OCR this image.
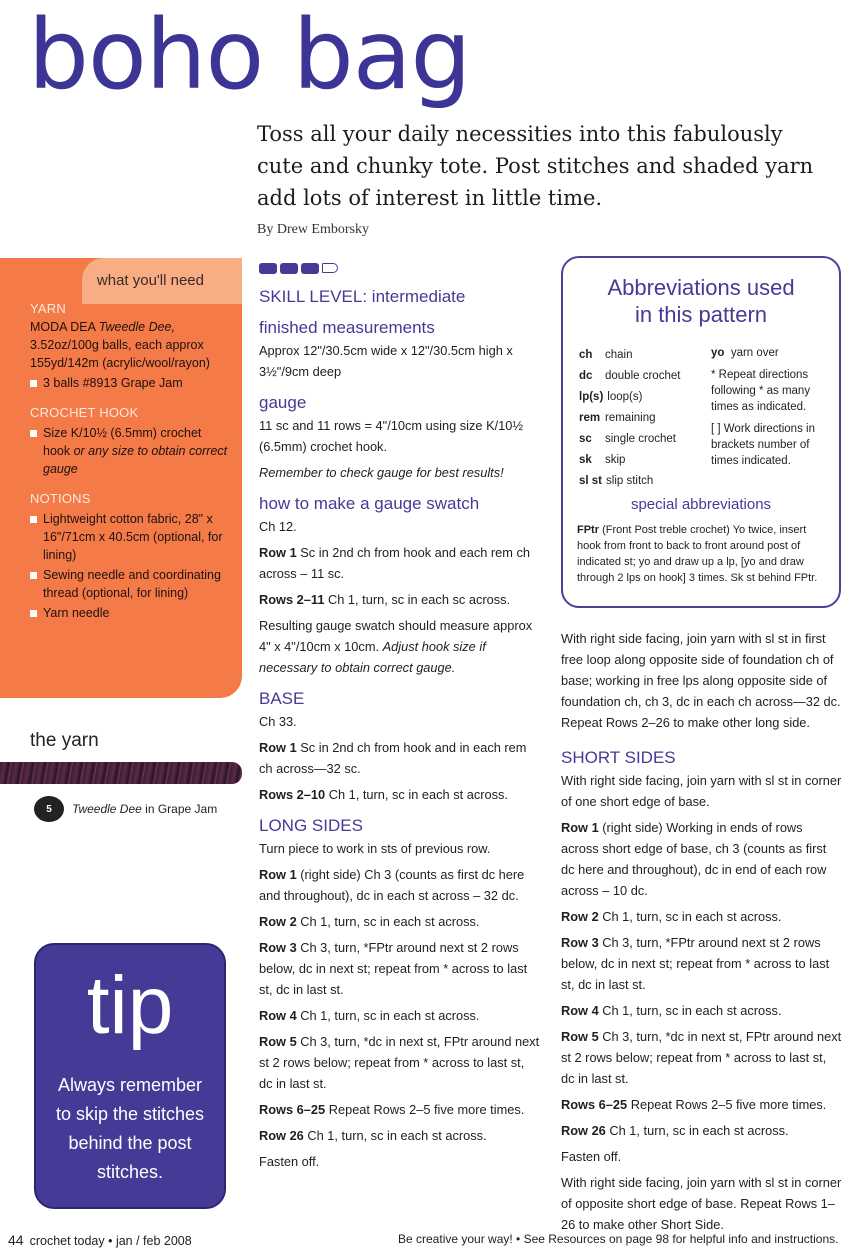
boho bag
Toss all your daily necessities into this fabulously cute and chunky tote. Post stitches and shaded yarn add lots of interest in little time.
By Drew Emborsky
what you'll need
YARN
MODA DEA Tweedle Dee, 3.52oz/100g balls, each approx 155yd/142m (acrylic/wool/rayon)
3 balls #8913 Grape Jam
CROCHET HOOK
Size K/10½ (6.5mm) crochet hook or any size to obtain correct gauge
NOTIONS
Lightweight cotton fabric, 28" x 16"/71cm x 40.5cm (optional, for lining)
Sewing needle and coordinating thread (optional, for lining)
Yarn needle
the yarn
5	Tweedle Dee in Grape Jam
tip
Always remember to skip the stitches behind the post stitches.
SKILL LEVEL: intermediate
finished measurements

Approx 12"/30.5cm wide x 12"/30.5cm high x 3½"/9cm deep

gauge

11 sc and 11 rows = 4"/10cm using size K/10½ (6.5mm) crochet hook.

Remember to check gauge for best results!

how to make a gauge swatch

Ch 12.

Row 1 Sc in 2nd ch from hook and each rem ch across – 11 sc.

Rows 2–11 Ch 1, turn, sc in each sc across.

Resulting gauge swatch should measure approx 4" x 4"/10cm x 10cm. Adjust hook size if necessary to obtain correct gauge.

BASE

Ch 33.

Row 1 Sc in 2nd ch from hook and in each rem ch across—32 sc.

Rows 2–10 Ch 1, turn, sc in each st across.

LONG SIDES

Turn piece to work in sts of previous row.

Row 1 (right side) Ch 3 (counts as first dc here and throughout), dc in each st across – 32 dc.

Row 2 Ch 1, turn, sc in each st across.

Row 3 Ch 3, turn, *FPtr around next st 2 rows below, dc in next st; repeat from * across to last st, dc in last st.

Row 4 Ch 1, turn, sc in each st across.

Row 5 Ch 3, turn, *dc in next st, FPtr around next st 2 rows below; repeat from * across to last st, dc in last st.

Rows 6–25 Repeat Rows 2–5 five more times.

Row 26 Ch 1, turn, sc in each st across.

Fasten off.

Abbreviations used
in this pattern
ch chain
dc double crochet
lp(s) loop(s)
rem remaining
sc single crochet
sk skip
sl st slip stitch

yo yarn over

* Repeat directions following * as many times as indicated.

[ ] Work directions in brackets number of times indicated.

special abbreviations
FPtr (Front Post treble crochet) Yo twice, insert hook from front to back to front around post of indicated st; yo and draw up a lp, [yo and draw through 2 lps on hook] 3 times. Sk st behind FPtr.

With right side facing, join yarn with sl st in first free loop along opposite side of foundation ch of base; working in free lps along opposite side of foundation ch, ch 3, dc in each ch across—32 dc. Repeat Rows 2–26 to make other long side.

SHORT SIDES

With right side facing, join yarn with sl st in corner of one short edge of base.

Row 1 (right side) Working in ends of rows across short edge of base, ch 3 (counts as first dc here and throughout), dc in end of each row across – 10 dc.

Row 2 Ch 1, turn, sc in each st across.

Row 3 Ch 3, turn, *FPtr around next st 2 rows below, dc in next st; repeat from * across to last st, dc in last st.

Row 4 Ch 1, turn, sc in each st across.

Row 5 Ch 3, turn, *dc in next st, FPtr around next st 2 rows below; repeat from * across to last st, dc in last st.

Rows 6–25 Repeat Rows 2–5 five more times.

Row 26 Ch 1, turn, sc in each st across.

Fasten off.

With right side facing, join yarn with sl st in corner of opposite short edge of base. Repeat Rows 1–26 to make other Short Side.

44 crochet today • jan / feb 2008	Be creative your way! • See Resources on page 98 for helpful info and instructions.
